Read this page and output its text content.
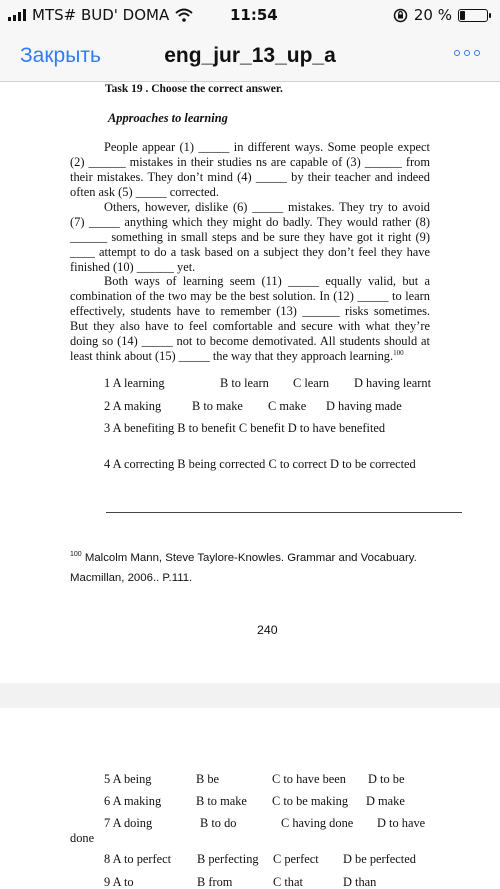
MTS# BUD' DOMA	11:54	20 %
Закрыть	eng_jur_13_up_a
Task 19 . Choose the correct answer.
Approaches to learning
People appear (1) _____ in different ways. Some people expect (2) ______ mistakes in their studies ns are capable of (3) ______ from their mistakes. They don’t mind (4) _____ by their teacher and indeed often ask (5) _____ corrected.
Others, however, dislike (6) _____ mistakes. They try to avoid (7) _____ anything which they might do badly. They would rather (8) ______ something in small steps and be sure they have got it right (9) ____ attempt to do a task based on a subject they don’t feel they have finished (10) ______ yet.
Both ways of learning seem (11) _____ equally valid, but a combination of the two may be the best solution. In (12) _____ to learn effectively, students have to remember (13) ______ risks sometimes. But they also have to feel comfortable and secure with what they’re doing so (14) _____ not to become demotivated. All students should at least think about (15) _____ the way that they approach learning.$^{100}$
1 A learning	B to learn C learn D having learnt
2 A making B to make C make D having made
3 A benefiting B to benefit C benefit D to have benefited
4 A correcting B being corrected C to correct D to be corrected
$^{100}$ Malcolm Mann, Steve Taylore-Knowles. Grammar and Vocabuary. Macmillan, 2006.. P.111.
240
5 A being	B be	C to have been D to be
6 A making	B to make C to be making D make
7 A doing	B to do	C having done D to have
done
8 A to perfect B perfecting C perfect D be perfected
9 A to	B from	C that	D than
